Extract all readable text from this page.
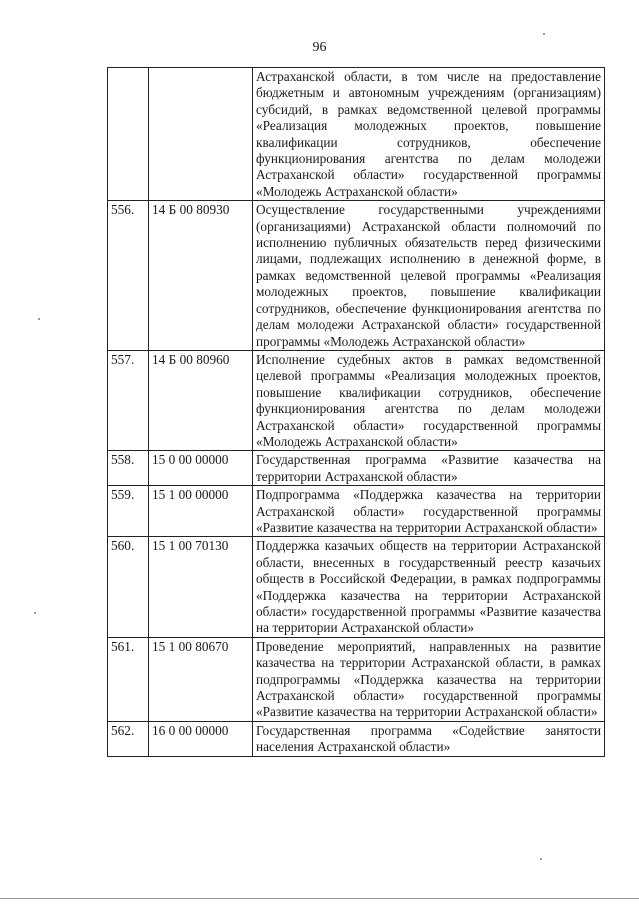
96
		Астраханской области, в том числе на предоставление бюджетным и автономным учреждениям (организациям) субсидий, в рамках ведомственной целевой программы «Реализация молодежных проектов, повышение квалификации сотрудников, обеспечение функционирования агентства по делам молодежи Астраханской области» государственной программы «Молодежь Астраханской области»
556.	14 Б 00 80930	Осуществление государственными учреждениями (организациями) Астраханской области полномочий по исполнению публичных обязательств перед физическими лицами, подлежащих исполнению в денежной форме, в рамках ведомственной целевой программы «Реализация молодежных проектов, повышение квалификации сотрудников, обеспечение функционирования агентства по делам молодежи Астраханской области» государственной программы «Молодежь Астраханской области»
557.	14 Б 00 80960	Исполнение судебных актов в рамках ведомственной целевой программы «Реализация молодежных проектов, повышение квалификации сотрудников, обеспечение функционирования агентства по делам молодежи Астраханской области» государственной программы «Молодежь Астраханской области»
558.	15 0 00 00000	Государственная программа «Развитие казачества на территории Астраханской области»
559.	15 1 00 00000	Подпрограмма «Поддержка казачества на территории Астраханской области» государственной программы «Развитие казачества на территории Астраханской области»
560.	15 1 00 70130	Поддержка казачьих обществ на территории Астраханской области, внесенных в государственный реестр казачьих обществ в Российской Федерации, в рамках подпрограммы «Поддержка казачества на территории Астраханской области» государственной программы «Развитие казачества на территории Астраханской области»
561.	15 1 00 80670	Проведение мероприятий, направленных на развитие казачества на территории Астраханской области, в рамках подпрограммы «Поддержка казачества на территории Астраханской области» государственной программы «Развитие казачества на территории Астраханской области»
562.	16 0 00 00000	Государственная программа «Содействие занятости населения Астраханской области»
